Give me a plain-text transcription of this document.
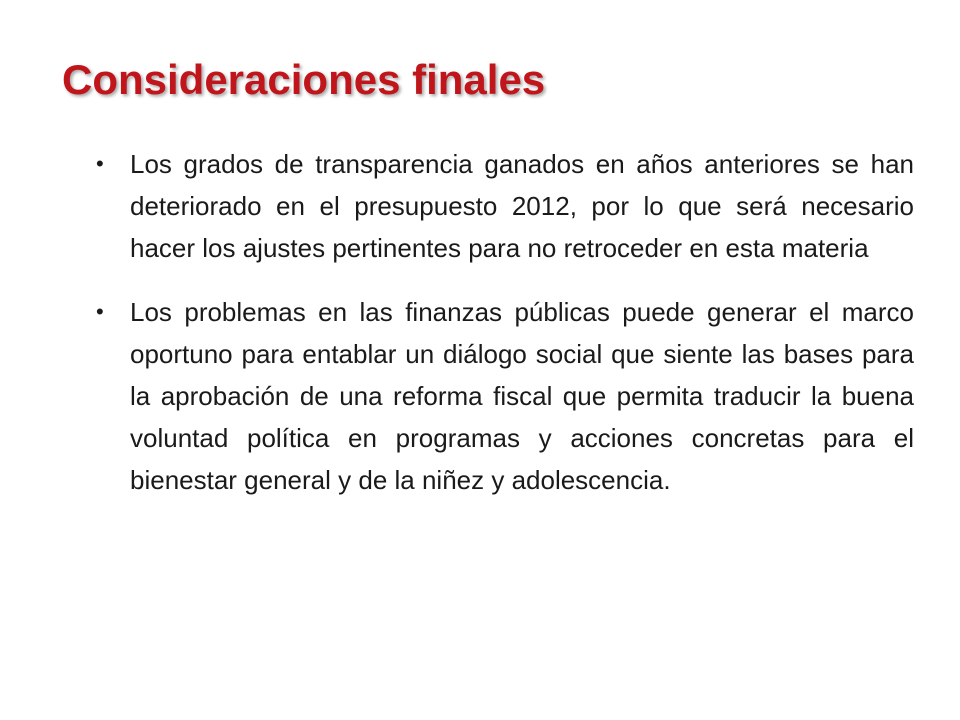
Consideraciones finales
• Los grados de transparencia ganados en años anteriores se han deteriorado en el presupuesto 2012, por lo que será necesario hacer los ajustes pertinentes para no retroceder en esta materia
• Los problemas en las finanzas públicas puede generar el marco oportuno para entablar un diálogo social que siente las bases para la aprobación de una reforma fiscal que permita traducir la buena voluntad política en programas y acciones concretas para el bienestar general y de la niñez y adolescencia.
